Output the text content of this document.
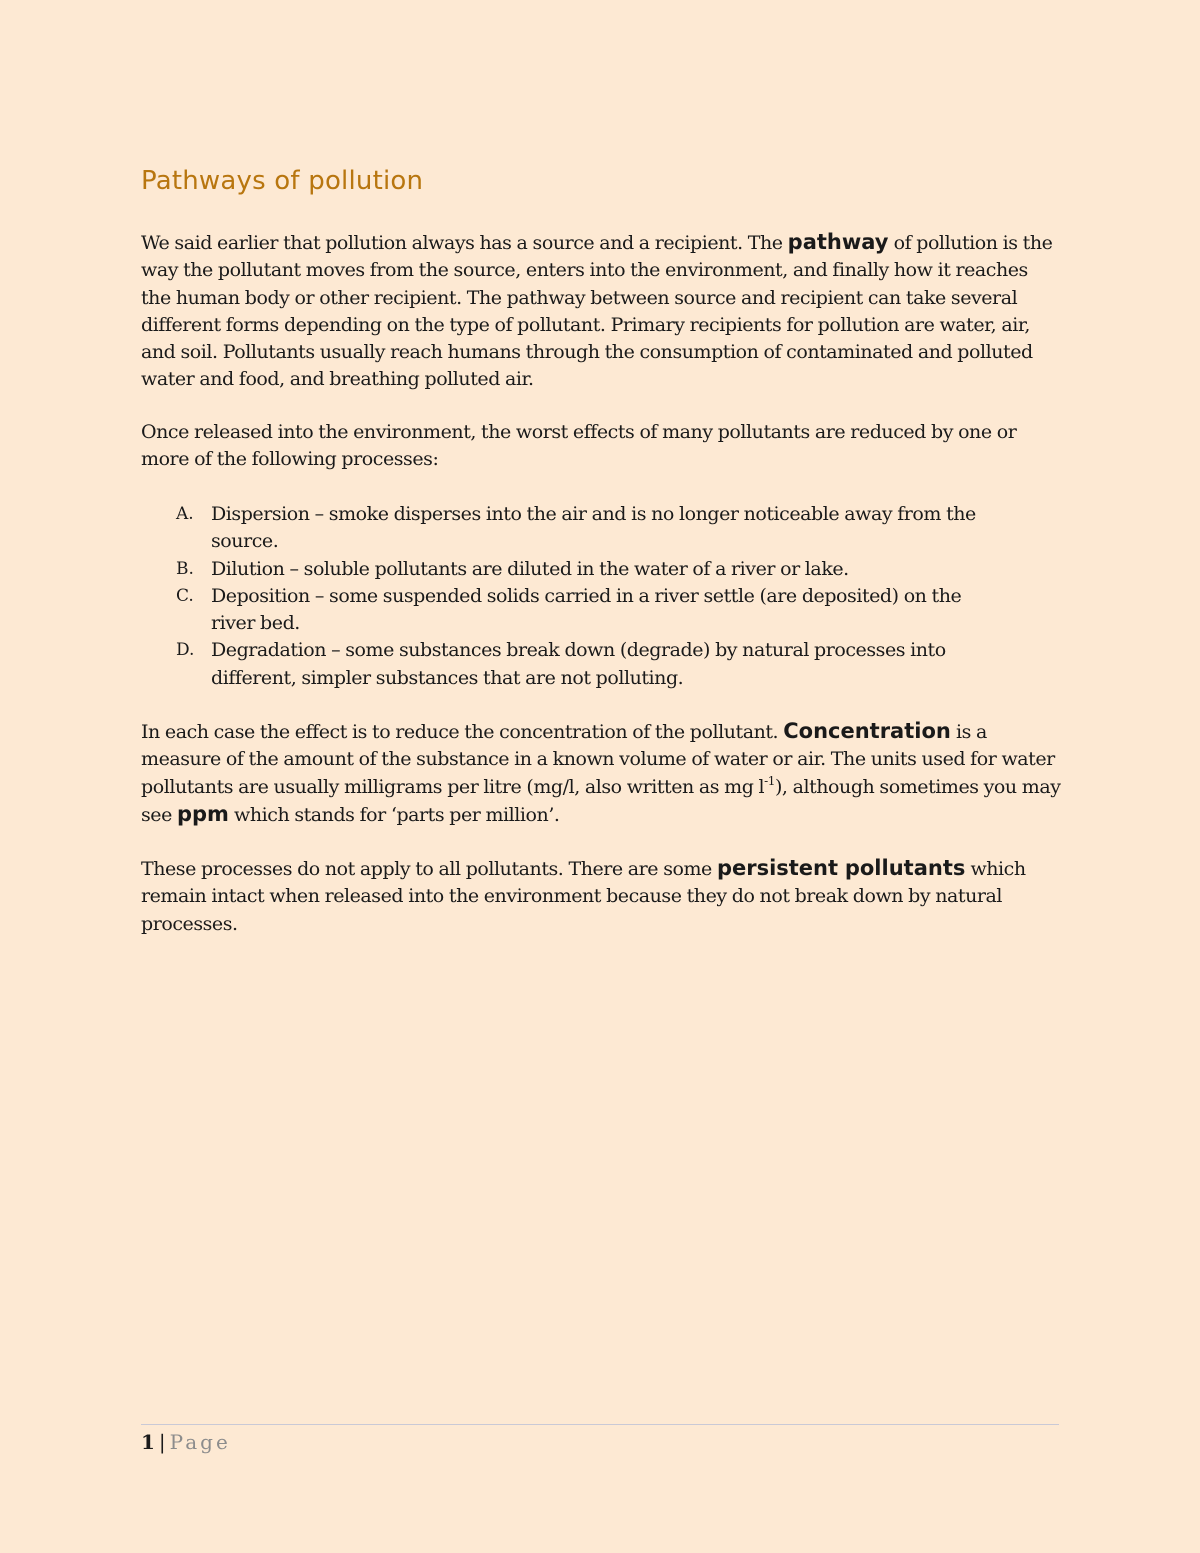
Pathways of pollution

We said earlier that pollution always has a source and a recipient. The pathway of pollution is the way the pollutant moves from the source, enters into the environment, and finally how it reaches the human body or other recipient. The pathway between source and recipient can take several different forms depending on the type of pollutant. Primary recipients for pollution are water, air, and soil. Pollutants usually reach humans through the consumption of contaminated and polluted water and food, and breathing polluted air.

Once released into the environment, the worst effects of many pollutants are reduced by one or more of the following processes:

A. Dispersion – smoke disperses into the air and is no longer noticeable away from the source.
B. Dilution – soluble pollutants are diluted in the water of a river or lake.
C. Deposition – some suspended solids carried in a river settle (are deposited) on the river bed.
D. Degradation – some substances break down (degrade) by natural processes into different, simpler substances that are not polluting.

In each case the effect is to reduce the concentration of the pollutant. Concentration is a measure of the amount of the substance in a known volume of water or air. The units used for water pollutants are usually milligrams per litre (mg/l, also written as mg $l^{-1}$), although sometimes you may see ppm which stands for ‘parts per million’.

These processes do not apply to all pollutants. There are some persistent pollutants which remain intact when released into the environment because they do not break down by natural processes.

1 | Page
